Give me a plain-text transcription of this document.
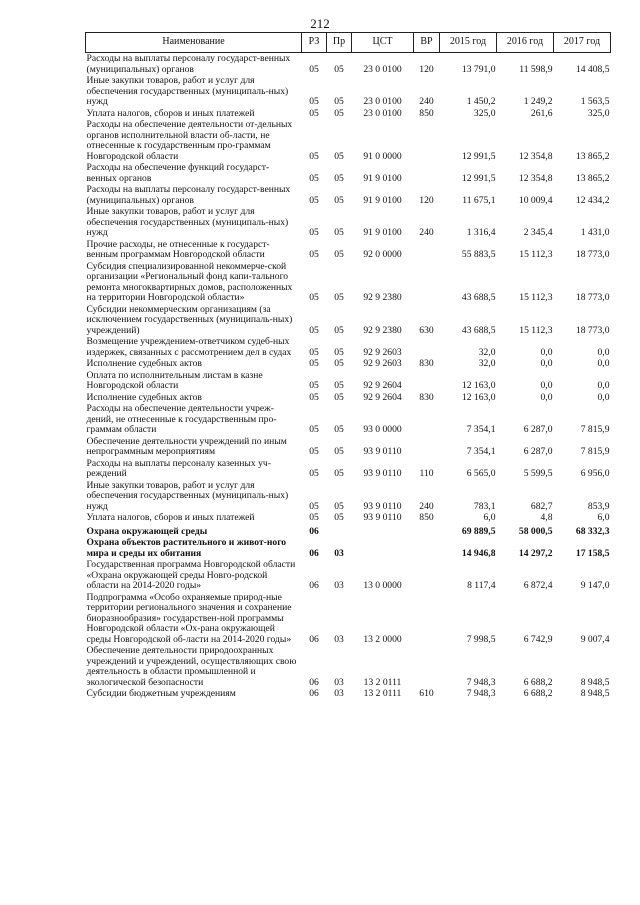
212
Наименование	РЗ	Пр	ЦСТ	ВР	2015 год	2016 год	2017 год
Расходы на выплаты персоналу государст-венных (муниципальных) органов	05	05	23 0 0100	120	13 791,0	11 598,9	14 408,5
Иные закупки товаров, работ и услуг для обеспечения государственных (муниципаль-ных) нужд	05	05	23 0 0100	240	1 450,2	1 249,2	1 563,5
Уплата налогов, сборов и иных платежей	05	05	23 0 0100	850	325,0	261,6	325,0
Расходы на обеспечение деятельности от-дельных органов исполнительной власти об-ласти, не отнесенные к государственным про-граммам Новгородской области	05	05	91 0 0000		12 991,5	12 354,8	13 865,2
Расходы на обеспечение функций государст-венных органов	05	05	91 9 0100		12 991,5	12 354,8	13 865,2
Расходы на выплаты персоналу государст-венных (муниципальных) органов	05	05	91 9 0100	120	11 675,1	10 009,4	12 434,2
Иные закупки товаров, работ и услуг для обеспечения государственных (муниципаль-ных) нужд	05	05	91 9 0100	240	1 316,4	2 345,4	1 431,0
Прочие расходы, не отнесенные к государст-венным программам Новгородской области	05	05	92 0 0000		55 883,5	15 112,3	18 773,0
Субсидия специализированной некоммерче-ской организации «Региональный фонд капи-тального ремонта многоквартирных домов, расположенных на территории Новгородской области»	05	05	92 9 2380		43 688,5	15 112,3	18 773,0
Субсидии некоммерческим организациям (за исключением государственных (муниципаль-ных) учреждений)	05	05	92 9 2380	630	43 688,5	15 112,3	18 773,0
Возмещение учреждением-ответчиком судеб-ных издержек, связанных с рассмотрением дел в судах	05	05	92 9 2603		32,0	0,0	0,0
Исполнение судебных актов	05	05	92 9 2603	830	32,0	0,0	0,0
Оплата по исполнительным листам в казне Новгородской области	05	05	92 9 2604		12 163,0	0,0	0,0
Исполнение судебных актов	05	05	92 9 2604	830	12 163,0	0,0	0,0
Расходы на обеспечение деятельности учреж-дений, не отнесенные к государственным про-граммам области	05	05	93 0 0000		7 354,1	6 287,0	7 815,9
Обеспечение деятельности учреждений по иным непрограммным мероприятиям	05	05	93 9 0110		7 354,1	6 287,0	7 815,9
Расходы на выплаты персоналу казенных уч-реждений	05	05	93 9 0110	110	6 565,0	5 599,5	6 956,0
Иные закупки товаров, работ и услуг для обеспечения государственных (муниципаль-ных) нужд	05	05	93 9 0110	240	783,1	682,7	853,9
Уплата налогов, сборов и иных платежей	05	05	93 9 0110	850	6,0	4,8	6,0
Охрана окружающей среды	06				69 889,5	58 000,5	68 332,3
Охрана объектов растительного и живот-ного мира и среды их обитания	06	03			14 946,8	14 297,2	17 158,5
Государственная программа Новгородской области «Охрана окружающей среды Новго-родской области на 2014-2020 годы»	06	03	13 0 0000		8 117,4	6 872,4	9 147,0
Подпрограмма «Особо охраняемые природ-ные территории регионального значения и сохранение биоразнообразия» государствен-ной программы Новгородской области «Ох-рана окружающей среды Новгородской об-ласти на 2014-2020 годы»	06	03	13 2 0000		7 998,5	6 742,9	9 007,4
Обеспечение деятельности природоохранных учреждений и учреждений, осуществляющих свою деятельность в области промышленной и экологической безопасности	06	03	13 2 0111		7 948,3	6 688,2	8 948,5
Субсидии бюджетным учреждениям	06	03	13 2 0111	610	7 948,3	6 688,2	8 948,5
